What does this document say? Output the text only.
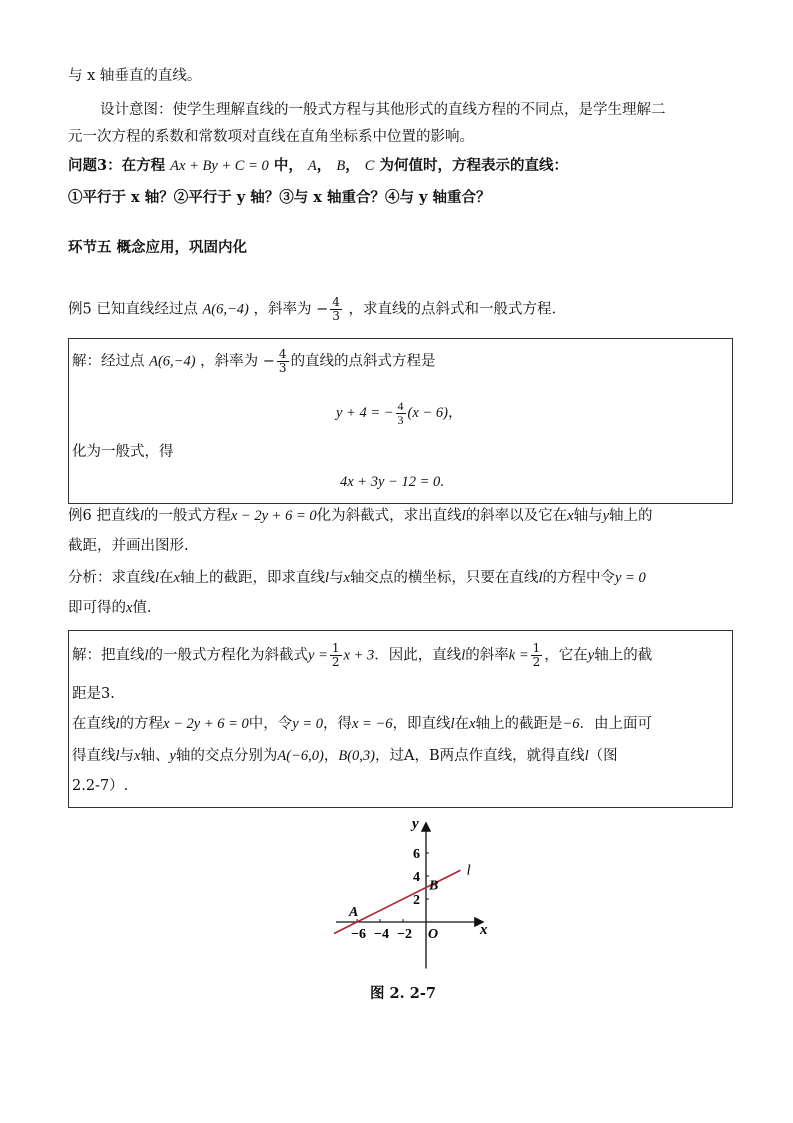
与 x 轴垂直的直线。
设计意图：使学生理解直线的一般式方程与其他形式的直线方程的不同点，是学生理解二
元一次方程的系数和常数项对直线在直角坐标系中位置的影响。
问题3：在方程 Ax + By + C = 0 中， A， B， C 为何值时，方程表示的直线：
①平行于 x 轴？②平行于 y 轴？③与 x 轴重合？④与 y 轴重合？
环节五 概念应用，巩固内化
例5 已知直线经过点 A(6,−4) ，斜率为 − $\frac{4}{3}$ ，求直线的点斜式和一般式方程.
解：经过点 A(6,−4) ，斜率为 − $\frac{4}{3}$ 的直线的点斜式方程是
y + 4 = − $\frac{4}{3} (x - 6)$，
化为一般式，得
4x + 3y − 12 = 0.
例6 把直线l的一般式方程x − 2y + 6 = 0化为斜截式，求出直线l的斜率以及它在x轴与y轴上的
截距，并画出图形.
分析：求直线l在x轴上的截距，即求直线l与x轴交点的横坐标，只要在直线l的方程中令y = 0
即可得的x值.
解：把直线l的一般式方程化为斜截式$y = \frac{1}{2}$ x + 3．因此，直线l的斜率$k = \frac{1}{2}$ ，它在y轴上的截
距是3.
在直线l的方程x − 2y + 6 = 0中，令y = 0，得x = −6，即直线l在x轴上的截距是−6．由上面可
得直线l与x轴、y轴的交点分别为A(−6,0)，B(0,3)，过A，B两点作直线，就得直线l（图
2.2-7）.
−6 −4 −2
2
4
6
x
y
O
l
A
B
图 2. 2-7
